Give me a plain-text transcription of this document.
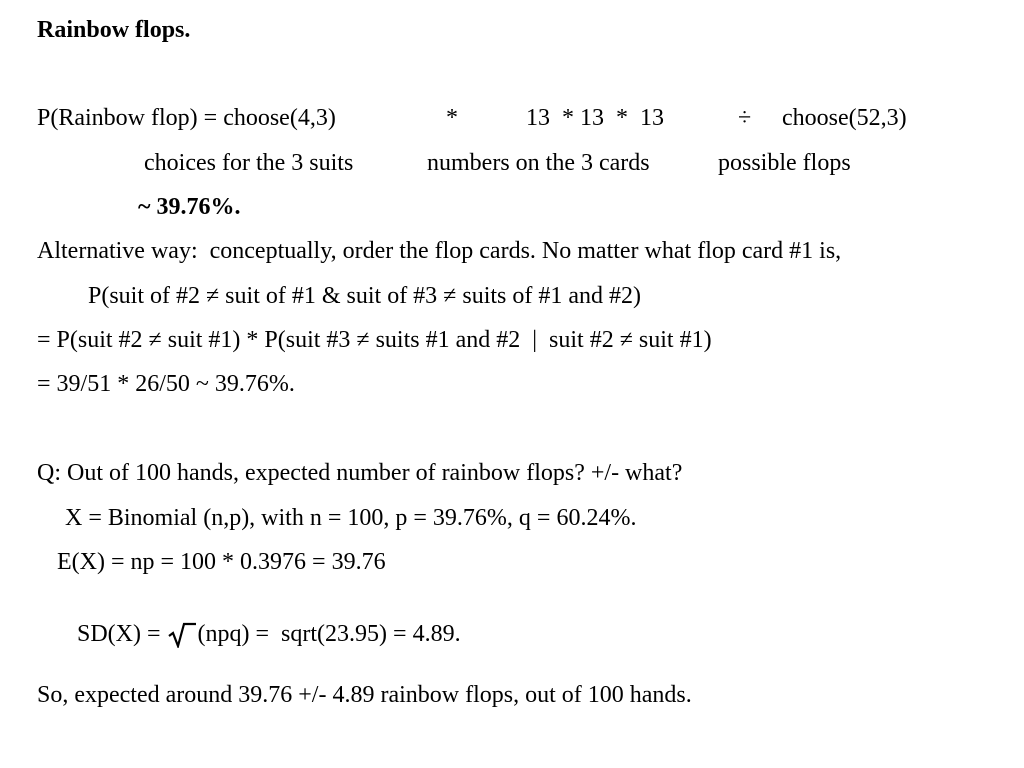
Rainbow flops.
P(Rainbow flop) = choose(4,3)	*	13  * 13  *  13	÷ choose(52,3)
choices for the 3 suits	numbers on the 3 cards	possible flops
~ 39.76%.
Alternative way:  conceptually, order the flop cards. No matter what flop card #1 is,
P(suit of #2 ≠ suit of #1 & suit of #3 ≠ suits of #1 and #2)
= P(suit #2 ≠ suit #1) * P(suit #3 ≠ suits #1 and #2  |  suit #2 ≠ suit #1)
= 39/51 * 26/50 ~ 39.76%.
Q: Out of 100 hands, expected number of rainbow flops? +/- what?
X = Binomial (n,p), with n = 100, p = 39.76%, q = 60.24%.
E(X) = np = 100 * 0.3976 = 39.76

SD(X) = (npq) =  sqrt(23.95) = 4.89.

So, expected around 39.76 +/- 4.89 rainbow flops, out of 100 hands.
